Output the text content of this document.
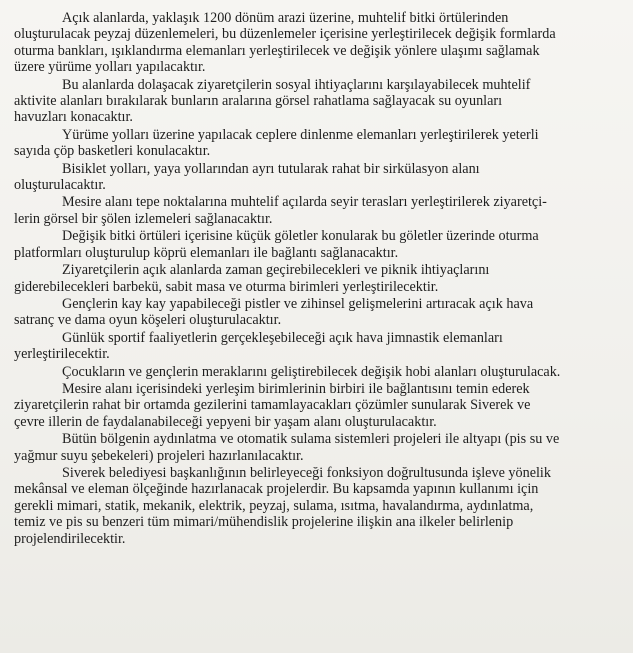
Açık alanlarda, yaklaşık 1200 dönüm arazi üzerine, muhtelif bitki örtülerinden
oluşturulacak peyzaj düzenlemeleri, bu düzenlemeler içerisine yerleştirilecek değişik formlarda
oturma bankları, ışıklandırma elemanları yerleştirilecek ve değişik yönlere ulaşımı sağlamak
üzere yürüme yolları yapılacaktır.
Bu alanlarda dolaşacak ziyaretçilerin sosyal ihtiyaçlarını karşılayabilecek muhtelif
aktivite alanları bırakılarak bunların aralarına görsel rahatlama sağlayacak su oyunları
havuzları konacaktır.
Yürüme yolları üzerine yapılacak ceplere dinlenme elemanları yerleştirilerek yeterli
sayıda çöp basketleri konulacaktır.
Bisiklet yolları, yaya yollarından ayrı tutularak rahat bir sirkülasyon alanı
oluşturulacaktır.
Mesire alanı tepe noktalarına muhtelif açılarda seyir terasları yerleştirilerek ziyaretçi-
lerin görsel bir şölen izlemeleri sağlanacaktır.
Değişik bitki örtüleri içerisine küçük göletler konularak bu göletler üzerinde oturma
platformları oluşturulup köprü elemanları ile bağlantı sağlanacaktır.
Ziyaretçilerin açık alanlarda zaman geçirebilecekleri ve piknik ihtiyaçlarını
giderebilecekleri barbekü, sabit masa ve oturma birimleri yerleştirilecektir.
Gençlerin kay kay yapabileceği pistler ve zihinsel gelişmelerini artıracak açık hava
satranç ve dama oyun köşeleri oluşturulacaktır.
Günlük sportif faaliyetlerin gerçekleşebileceği açık hava jimnastik elemanları
yerleştirilecektir.
Çocukların ve gençlerin meraklarını geliştirebilecek değişik hobi alanları oluşturulacak.
Mesire alanı içerisindeki yerleşim birimlerinin birbiri ile bağlantısını temin ederek
ziyaretçilerin rahat bir ortamda gezilerini tamamlayacakları çözümler sunularak Siverek ve
çevre illerin de faydalanabileceği yepyeni bir yaşam alanı oluşturulacaktır.
Bütün bölgenin aydınlatma ve otomatik sulama sistemleri projeleri ile altyapı (pis su ve
yağmur suyu şebekeleri) projeleri hazırlanılacaktır.
Siverek belediyesi başkanlığının belirleyeceği fonksiyon doğrultusunda işleve yönelik
mekânsal ve eleman ölçeğinde hazırlanacak projelerdir. Bu kapsamda yapının kullanımı için
gerekli mimari, statik, mekanik, elektrik, peyzaj, sulama, ısıtma, havalandırma, aydınlatma,
temiz ve pis su benzeri tüm mimari/mühendislik projelerine ilişkin ana ilkeler belirlenip
projelendirilecektir.
